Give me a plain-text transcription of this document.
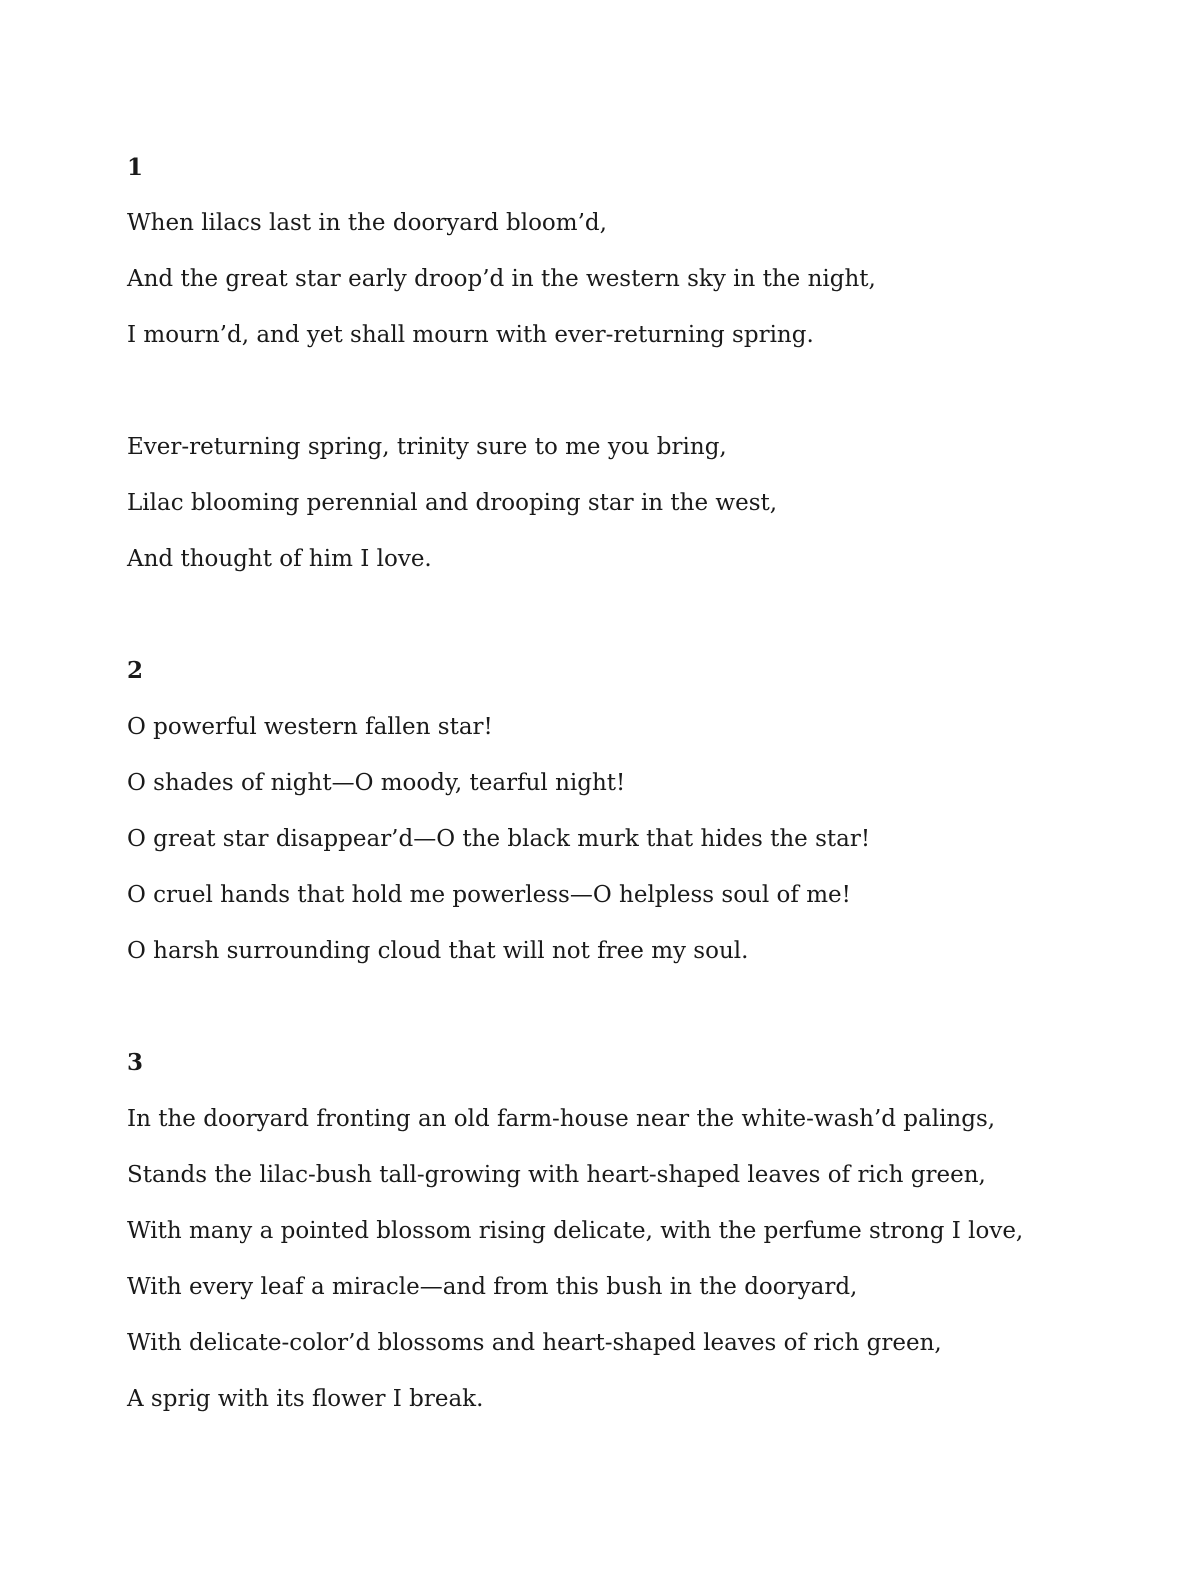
1
When lilacs last in the dooryard bloom’d,
And the great star early droop’d in the western sky in the night,
I mourn’d, and yet shall mourn with ever-returning spring.
Ever-returning spring, trinity sure to me you bring,
Lilac blooming perennial and drooping star in the west,
And thought of him I love.
2
O powerful western fallen star!
O shades of night—O moody, tearful night!
O great star disappear’d—O the black murk that hides the star!
O cruel hands that hold me powerless—O helpless soul of me!
O harsh surrounding cloud that will not free my soul.
3
In the dooryard fronting an old farm-house near the white-wash’d palings,
Stands the lilac-bush tall-growing with heart-shaped leaves of rich green,
With many a pointed blossom rising delicate, with the perfume strong I love,
With every leaf a miracle—and from this bush in the dooryard,
With delicate-color’d blossoms and heart-shaped leaves of rich green,
A sprig with its flower I break.
